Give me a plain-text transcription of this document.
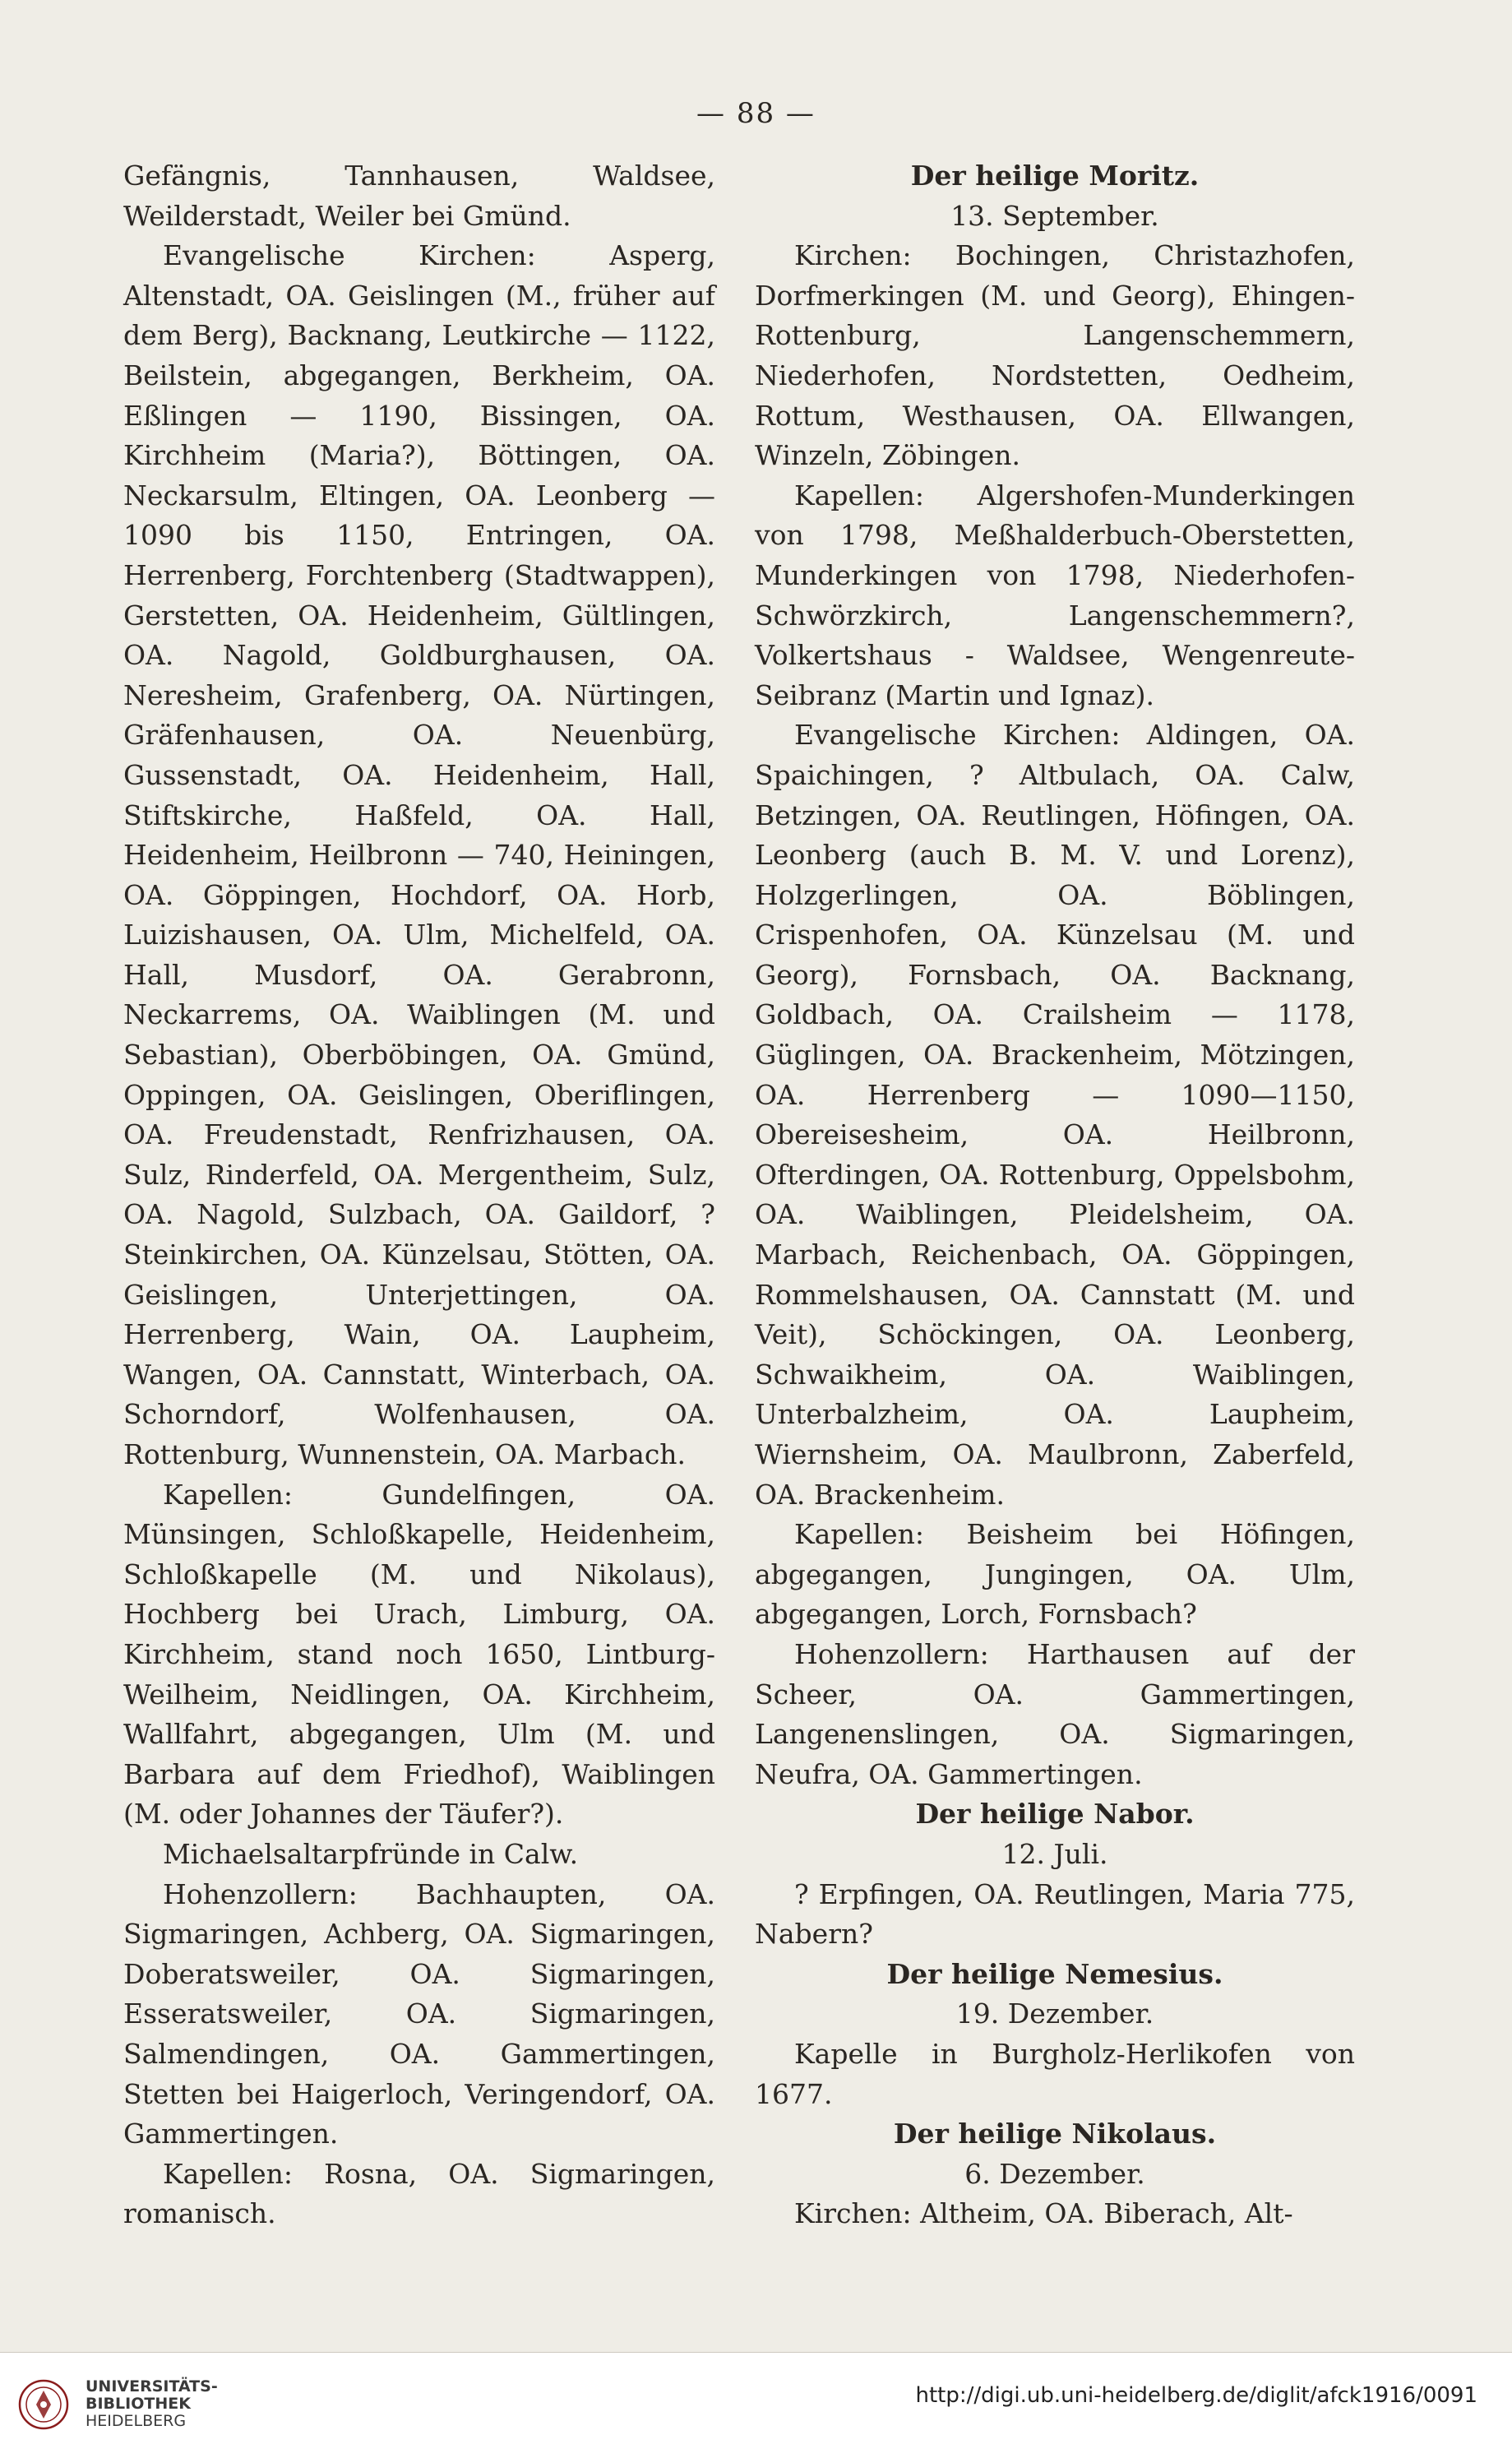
— 88 —

Gefängnis, Tannhausen, Waldsee, Weilderstadt, Weiler bei Gmünd.

Evangelische Kirchen: Asperg, Altenstadt, OA. Geislingen (M., früher auf dem Berg), Backnang, Leutkirche — 1122, Beilstein, abgegangen, Berkheim, OA. Eßlingen — 1190, Bissingen, OA. Kirchheim (Maria?), Böttingen, OA. Neckarsulm, Eltingen, OA. Leonberg — 1090 bis 1150, Entringen, OA. Herrenberg, Forchtenberg (Stadtwappen), Gerstetten, OA. Heidenheim, Gültlingen, OA. Nagold, Goldburghausen, OA. Neresheim, Grafenberg, OA. Nürtingen, Gräfenhausen, OA. Neuenbürg, Gussenstadt, OA. Heidenheim, Hall, Stiftskirche, Haßfeld, OA. Hall, Heidenheim, Heilbronn — 740, Heiningen, OA. Göppingen, Hochdorf, OA. Horb, Luizishausen, OA. Ulm, Michelfeld, OA. Hall, Musdorf, OA. Gerabronn, Neckarrems, OA. Waiblingen (M. und Sebastian), Oberböbingen, OA. Gmünd, Oppingen, OA. Geislingen, Oberiflingen, OA. Freudenstadt, Renfrizhausen, OA. Sulz, Rinderfeld, OA. Mergentheim, Sulz, OA. Nagold, Sulzbach, OA. Gaildorf, ? Steinkirchen, OA. Künzelsau, Stötten, OA. Geislingen, Unterjettingen, OA. Herrenberg, Wain, OA. Laupheim, Wangen, OA. Cannstatt, Winterbach, OA. Schorndorf, Wolfenhausen, OA. Rottenburg, Wunnenstein, OA. Marbach.

Kapellen: Gundelfingen, OA. Münsingen, Schloßkapelle, Heidenheim, Schloßkapelle (M. und Nikolaus), Hochberg bei Urach, Limburg, OA. Kirchheim, stand noch 1650, Lintburg-Weilheim, Neidlingen, OA. Kirchheim, Wallfahrt, abgegangen, Ulm (M. und Barbara auf dem Friedhof), Waiblingen (M. oder Johannes der Täufer?).

Michaelsaltarpfründe in Calw.

Hohenzollern: Bachhaupten, OA. Sigmaringen, Achberg, OA. Sigmaringen, Doberatsweiler, OA. Sigmaringen, Esseratsweiler, OA. Sigmaringen, Salmendingen, OA. Gammertingen, Stetten bei Haigerloch, Veringendorf, OA. Gammertingen.

Kapellen: Rosna, OA. Sigmaringen, romanisch.

Der heilige Moritz.

13. September.

Kirchen: Bochingen, Christazhofen, Dorfmerkingen (M. und Georg), Ehingen-Rottenburg, Langenschemmern, Niederhofen, Nordstetten, Oedheim, Rottum, Westhausen, OA. Ellwangen, Winzeln, Zöbingen.

Kapellen: Algershofen-Munderkingen von 1798, Meßhalderbuch-Oberstetten, Munderkingen von 1798, Niederhofen-Schwörzkirch, Langenschemmern?, Volkertshaus - Waldsee, Wengenreute-Seibranz (Martin und Ignaz).

Evangelische Kirchen: Aldingen, OA. Spaichingen, ? Altbulach, OA. Calw, Betzingen, OA. Reutlingen, Höfingen, OA. Leonberg (auch B. M. V. und Lorenz), Holzgerlingen, OA. Böblingen, Crispenhofen, OA. Künzelsau (M. und Georg), Fornsbach, OA. Backnang, Goldbach, OA. Crailsheim — 1178, Güglingen, OA. Brackenheim, Mötzingen, OA. Herrenberg — 1090—1150, Obereisesheim, OA. Heilbronn, Ofterdingen, OA. Rottenburg, Oppelsbohm, OA. Waiblingen, Pleidelsheim, OA. Marbach, Reichenbach, OA. Göppingen, Rommelshausen, OA. Cannstatt (M. und Veit), Schöckingen, OA. Leonberg, Schwaikheim, OA. Waiblingen, Unterbalzheim, OA. Laupheim, Wiernsheim, OA. Maulbronn, Zaberfeld, OA. Brackenheim.

Kapellen: Beisheim bei Höfingen, abgegangen, Jungingen, OA. Ulm, abgegangen, Lorch, Fornsbach?

Hohenzollern: Harthausen auf der Scheer, OA. Gammertingen, Langenenslingen, OA. Sigmaringen, Neufra, OA. Gammertingen.

Der heilige Nabor.

12. Juli.

? Erpfingen, OA. Reutlingen, Maria 775, Nabern?

Der heilige Nemesius.

19. Dezember.

Kapelle in Burgholz-Herlikofen von 1677.

Der heilige Nikolaus.

6. Dezember.

Kirchen: Altheim, OA. Biberach, Alt-

UNIVERSITÄTS-
BIBLIOTHEK
HEIDELBERG
http://digi.ub.uni-heidelberg.de/diglit/afck1916/0091
